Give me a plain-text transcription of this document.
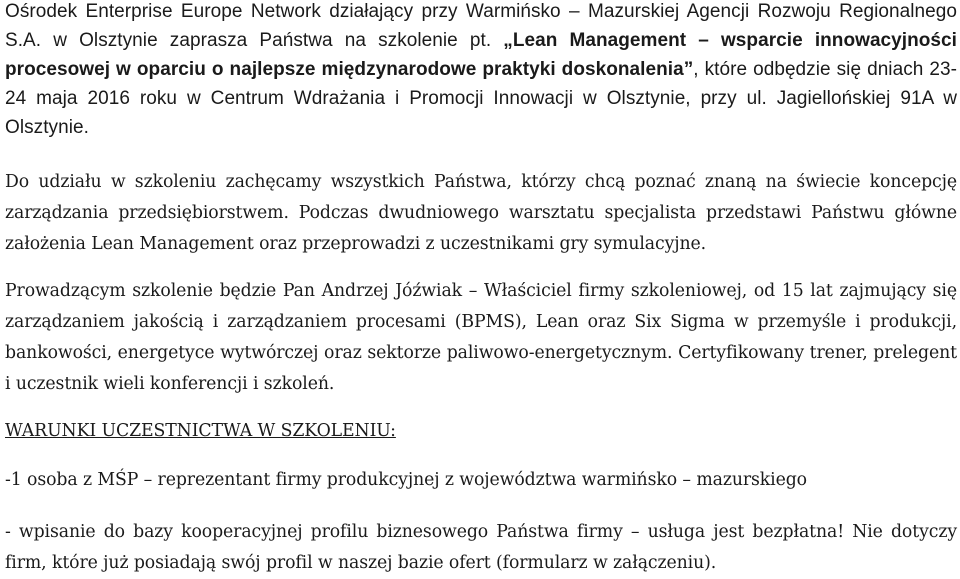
Ośrodek Enterprise Europe Network działający przy Warmińsko – Mazurskiej Agencji Rozwoju Regionalnego S.A. w Olsztynie zaprasza Państwa na szkolenie pt. „Lean Management – wsparcie innowacyjności procesowej w oparciu o najlepsze międzynarodowe praktyki doskonalenia”, które odbędzie się dniach 23-24 maja 2016 roku w Centrum Wdrażania i Promocji Innowacji w Olsztynie, przy ul. Jagiellońskiej 91A w Olsztynie.

Do udziału w szkoleniu zachęcamy wszystkich Państwa, którzy chcą poznać znaną na świecie koncepcję zarządzania przedsiębiorstwem. Podczas dwudniowego warsztatu specjalista przedstawi Państwu główne założenia Lean Management oraz przeprowadzi z uczestnikami gry symulacyjne.

Prowadzącym szkolenie będzie Pan Andrzej Jóźwiak – Właściciel firmy szkoleniowej, od 15 lat zajmujący się zarządzaniem jakością i zarządzaniem procesami (BPMS), Lean oraz Six Sigma w przemyśle i produkcji, bankowości, energetyce wytwórczej oraz sektorze paliwowo-energetycznym. Certyfikowany trener, prelegent i uczestnik wieli konferencji i szkoleń.

WARUNKI UCZESTNICTWA W SZKOLENIU:

-1 osoba z MŚP – reprezentant firmy produkcyjnej z województwa warmińsko – mazurskiego

- wpisanie do bazy kooperacyjnej profilu biznesowego Państwa firmy – usługa jest bezpłatna! Nie dotyczy firm, które już posiadają swój profil w naszej bazie ofert (formularz w załączeniu).
